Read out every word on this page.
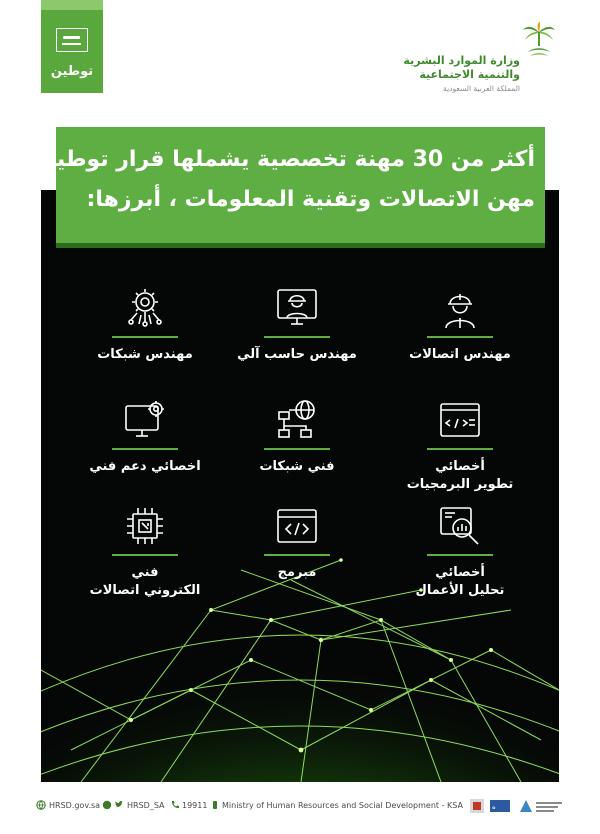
توطين
وزارة الموارد البشرية
والتنمية الاجتماعية
المملكة العربية السعودية
أكثر من 30 مهنة تخصصية يشملها قرار توطين
مهن الاتصالات وتقنية المعلومات ، أبرزها:
مهندس اتصالات
مهندس حاسب آلي
مهندس شبكات
أخصائي
تطوير البرمجيات
فني شبكات
اخصائي دعم فني
أخصائي
تحليل الأعمال
مبرمج
فني
الكتروني اتصالات
HRSD.gov.sa	HRSD_SA 19911 Ministry of Human Resources and Social Development - KSA	ه
